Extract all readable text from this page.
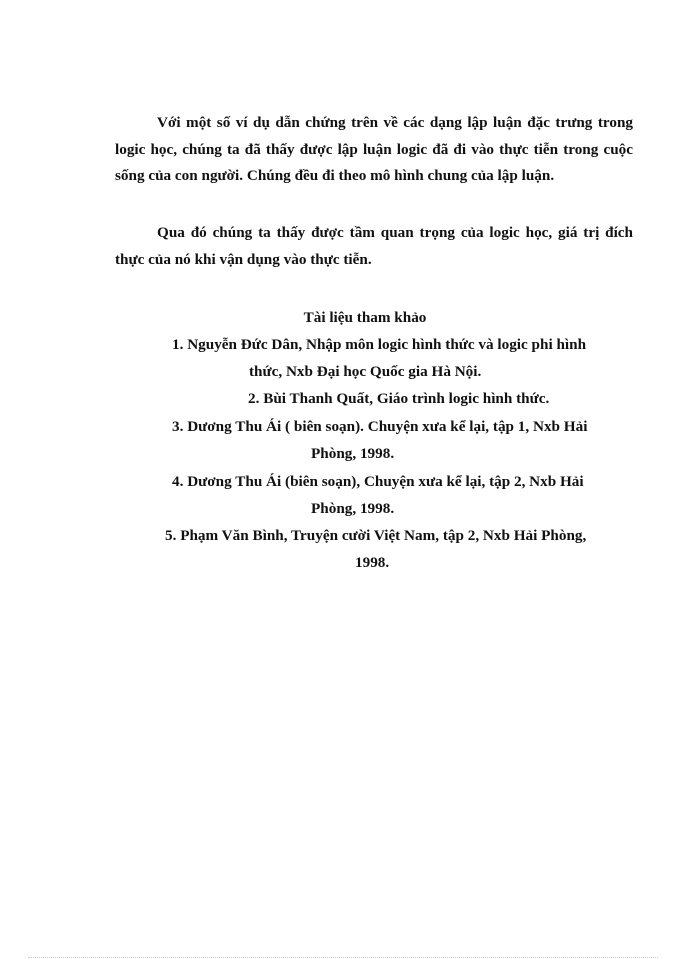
Với một số ví dụ dẫn chứng trên về các dạng lập luận đặc trưng trong logic học, chúng ta đã thấy được lập luận logic đã đi vào thực tiễn trong cuộc sống của con người. Chúng đều đi theo mô hình chung của lập luận.

Qua đó chúng ta thấy được tầm quan trọng của logic học, giá trị đích thực của nó khi vận dụng vào thực tiễn.

Tài liệu tham khảo

1. Nguyễn Đức Dân, Nhập môn logic hình thức và logic phi hình
thức, Nxb Đại học Quốc gia Hà Nội.
2. Bùi Thanh Quất, Giáo trình logic hình thức.
3. Dương Thu Ái ( biên soạn). Chuyện xưa kể lại, tập 1, Nxb Hải
Phòng, 1998.
4. Dương Thu Ái (biên soạn), Chuyện xưa kể lại, tập 2, Nxb Hải
Phòng, 1998.
5. Phạm Văn Bình, Truyện cười Việt Nam, tập 2, Nxb Hải Phòng,
1998.
